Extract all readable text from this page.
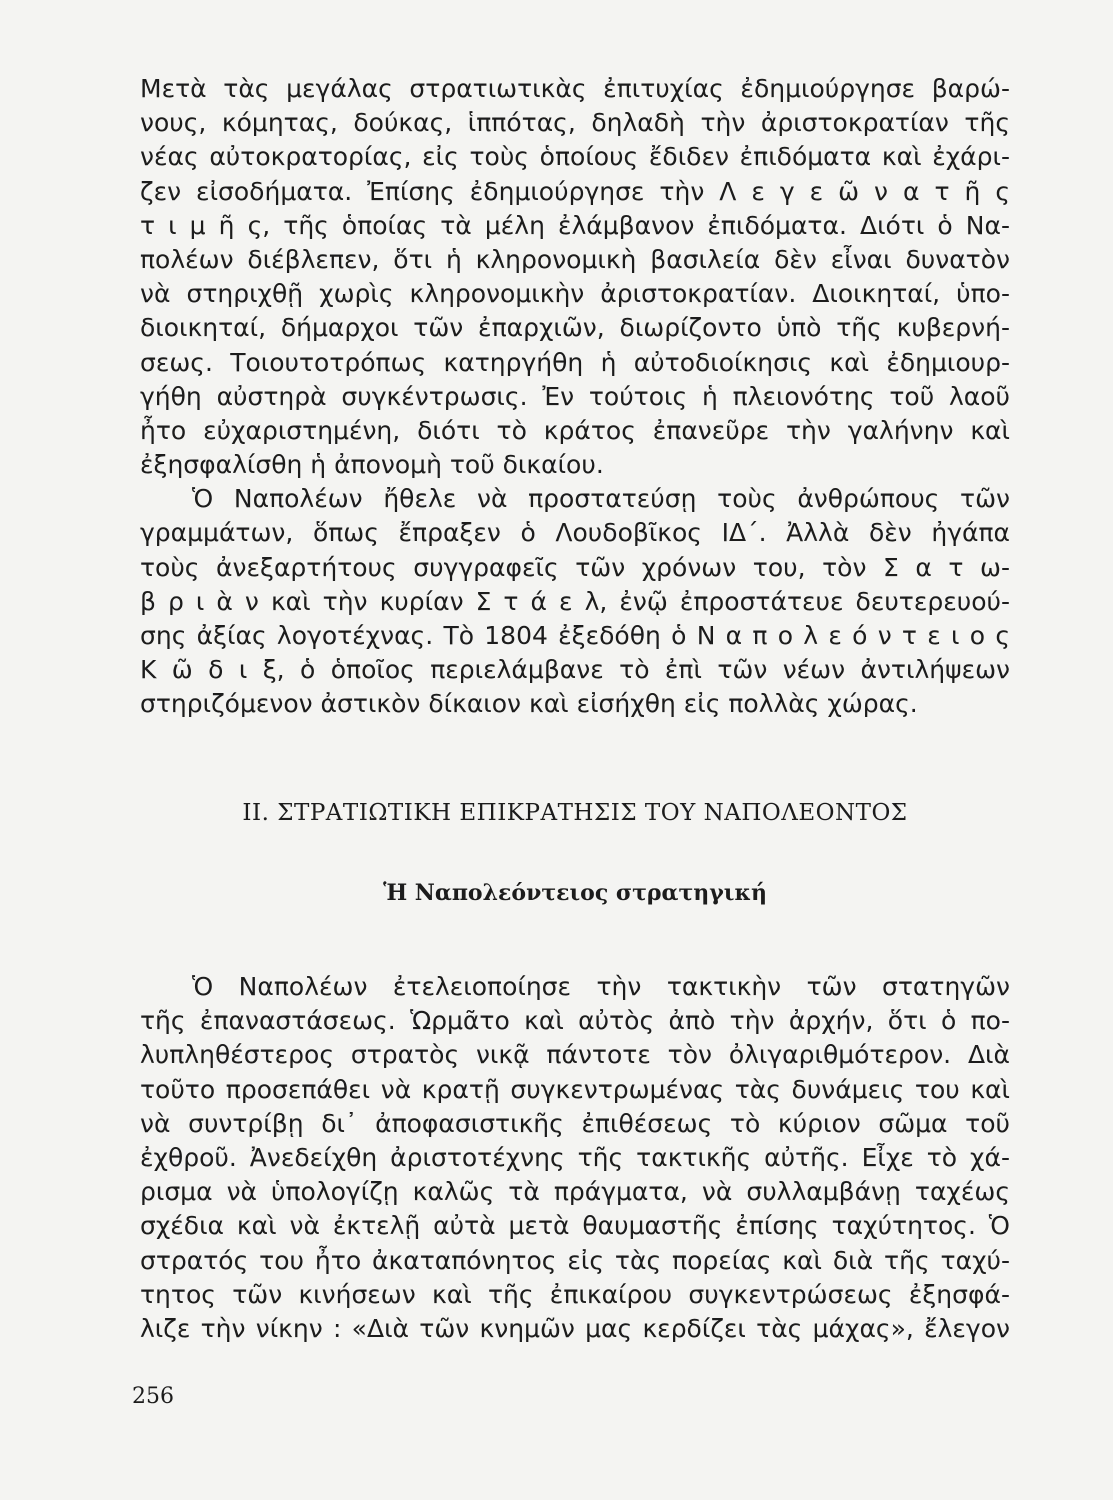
Μετὰ τὰς μεγάλας στρατιωτικὰς ἐπιτυχίας ἐδημιούργησε βαρώ-
νους, κόμητας, δούκας, ἱππότας, δηλαδὴ τὴν ἀριστοκρατίαν τῆς
νέας αὐτοκρατορίας, εἰς τοὺς ὁποίους ἔδιδεν ἐπιδόματα καὶ ἐχάρι-
ζεν εἰσοδήματα. Ἐπίσης ἐδημιούργησε τὴν Λ ε γ ε ῶ ν α τ ῆ ς
τ ι μ ῆ ς, τῆς ὁποίας τὰ μέλη ἐλάμβανον ἐπιδόματα. Διότι ὁ Να-
πολέων διέβλεπεν, ὅτι ἡ κληρονομικὴ βασιλεία δὲν εἶναι δυνατὸν
νὰ στηριχθῇ χωρὶς κληρονομικὴν ἀριστοκρατίαν. Διοικηταί, ὑπο-
διοικηταί, δήμαρχοι τῶν ἐπαρχιῶν, διωρίζοντο ὑπὸ τῆς κυβερνή-
σεως. Τοιουτοτρόπως κατηργήθη ἡ αὐτοδιοίκησις καὶ ἐδημιουρ-
γήθη αὐστηρὰ συγκέντρωσις. Ἐν τούτοις ἡ πλειονότης τοῦ λαοῦ
ἦτο εὐχαριστημένη, διότι τὸ κράτος ἐπανεῦρε τὴν γαλήνην καὶ
ἐξησφαλίσθη ἡ ἀπονομὴ τοῦ δικαίου.
Ὁ Ναπολέων ἤθελε νὰ προστατεύσῃ τοὺς ἀνθρώπους τῶν
γραμμάτων, ὅπως ἔπραξεν ὁ Λουδοβῖκος ΙΔ΄. Ἀλλὰ δὲν ἠγάπα
τοὺς ἀνεξαρτήτους συγγραφεῖς τῶν χρόνων του, τὸν Σ α τ ω-
β ρ ι ὰ ν καὶ τὴν κυρίαν Σ τ ά ε λ, ἐνῷ ἐπροστάτευε δευτερευού-
σης ἀξίας λογοτέχνας. Τὸ 1804 ἐξεδόθη ὁ Ν α π ο λ ε ό ν τ ε ι ο ς
Κ ῶ δ ι ξ, ὁ ὁποῖος περιελάμβανε τὸ ἐπὶ τῶν νέων ἀντιλήψεων
στηριζόμενον ἀστικὸν δίκαιον καὶ εἰσήχθη εἰς πολλὰς χώρας.
ΙΙ. ΣΤΡΑΤΙΩΤΙΚΗ ΕΠΙΚΡΑΤΗΣΙΣ ΤΟΥ ΝΑΠΟΛΕΟΝΤΟΣ
Ἡ Ναπολεόντειος στρατηγική
Ὁ Ναπολέων ἐτελειοποίησε τὴν τακτικὴν τῶν στατηγῶν
τῆς ἐπαναστάσεως. Ὡρμᾶτο καὶ αὐτὸς ἀπὸ τὴν ἀρχήν, ὅτι ὁ πο-
λυπληθέστερος στρατὸς νικᾷ πάντοτε τὸν ὀλιγαριθμότερον. Διὰ
τοῦτο προσεπάθει νὰ κρατῇ συγκεντρωμένας τὰς δυνάμεις του καὶ
νὰ συντρίβῃ δι᾽ ἀποφασιστικῆς ἐπιθέσεως τὸ κύριον σῶμα τοῦ
ἐχθροῦ. Ἀνεδείχθη ἀριστοτέχνης τῆς τακτικῆς αὐτῆς. Εἶχε τὸ χά-
ρισμα νὰ ὑπολογίζῃ καλῶς τὰ πράγματα, νὰ συλλαμβάνῃ ταχέως
σχέδια καὶ νὰ ἐκτελῇ αὐτὰ μετὰ θαυμαστῆς ἐπίσης ταχύτητος. Ὁ
στρατός του ἦτο ἀκαταπόνητος εἰς τὰς πορείας καὶ διὰ τῆς ταχύ-
τητος τῶν κινήσεων καὶ τῆς ἐπικαίρου συγκεντρώσεως ἐξησφά-
λιζε τὴν νίκην : «Διὰ τῶν κνημῶν μας κερδίζει τὰς μάχας», ἔλεγον
256
